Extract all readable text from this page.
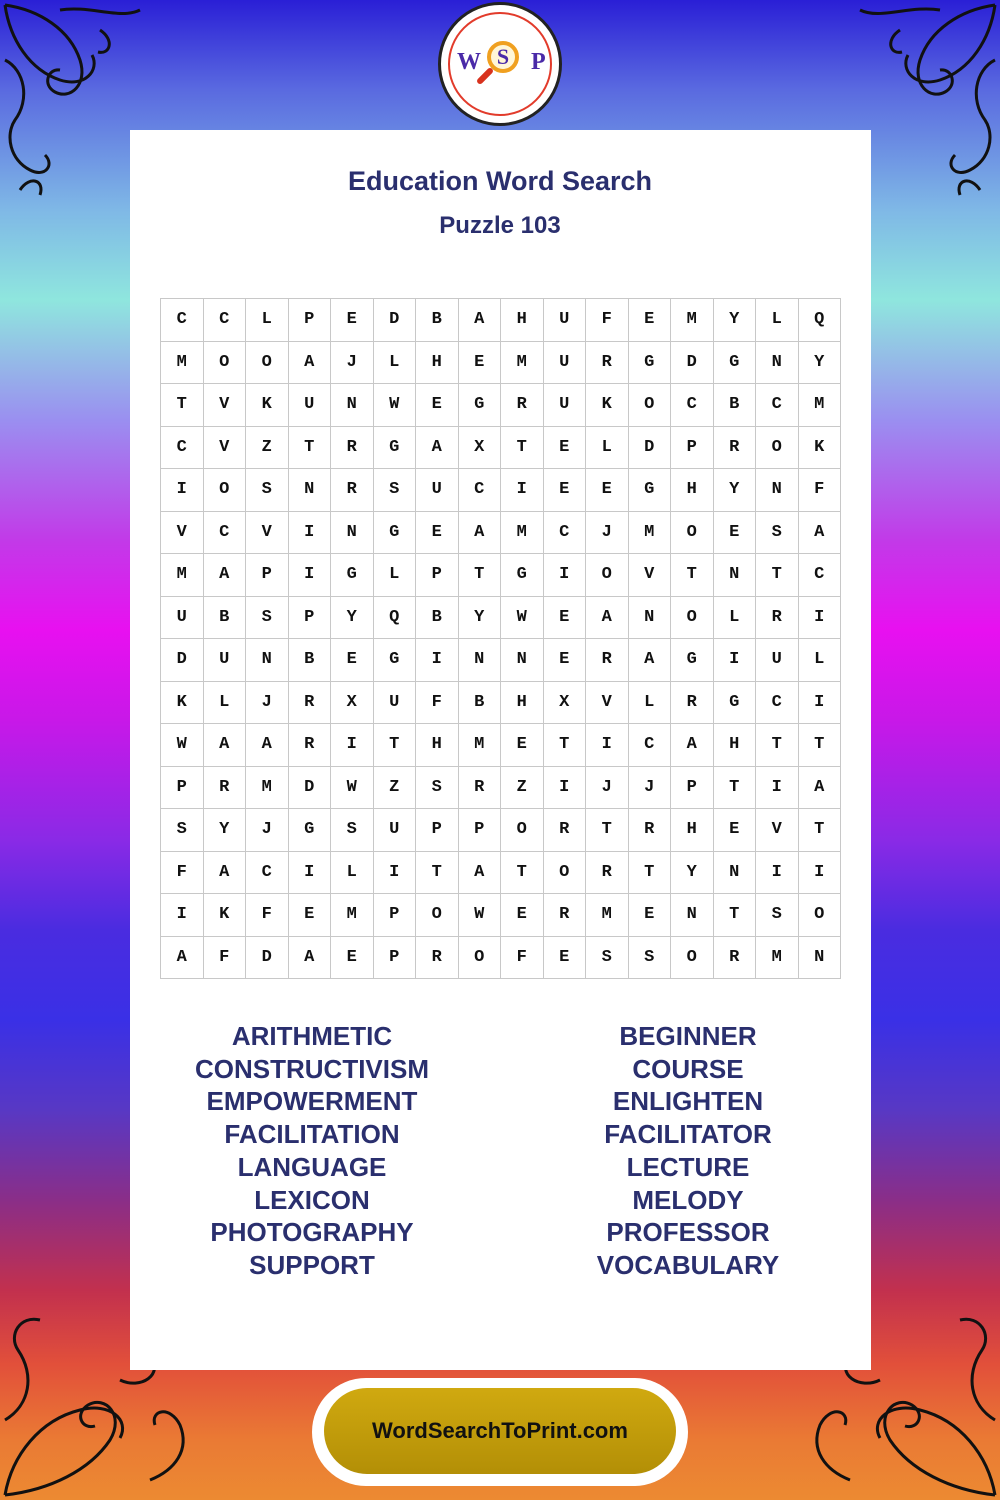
W S P
Education Word Search
Puzzle 103
C	C	L	P	E	D	B	A	H	U	F	E	M	Y	L	Q
M	O	O	A	J	L	H	E	M	U	R	G	D	G	N	Y
T	V	K	U	N	W	E	G	R	U	K	O	C	B	C	M
C	V	Z	T	R	G	A	X	T	E	L	D	P	R	O	K
I	O	S	N	R	S	U	C	I	E	E	G	H	Y	N	F
V	C	V	I	N	G	E	A	M	C	J	M	O	E	S	A
M	A	P	I	G	L	P	T	G	I	O	V	T	N	T	C
U	B	S	P	Y	Q	B	Y	W	E	A	N	O	L	R	I
D	U	N	B	E	G	I	N	N	E	R	A	G	I	U	L
K	L	J	R	X	U	F	B	H	X	V	L	R	G	C	I
W	A	A	R	I	T	H	M	E	T	I	C	A	H	T	T
P	R	M	D	W	Z	S	R	Z	I	J	J	P	T	I	A
S	Y	J	G	S	U	P	P	O	R	T	R	H	E	V	T
F	A	C	I	L	I	T	A	T	O	R	T	Y	N	I	I
I	K	F	E	M	P	O	W	E	R	M	E	N	T	S	O
A	F	D	A	E	P	R	O	F	E	S	S	O	R	M	N
ARITHMETIC
CONSTRUCTIVISM
EMPOWERMENT
FACILITATION
LANGUAGE
LEXICON
PHOTOGRAPHY
SUPPORT
BEGINNER
COURSE
ENLIGHTEN
FACILITATOR
LECTURE
MELODY
PROFESSOR
VOCABULARY
WordSearchToPrint.com
